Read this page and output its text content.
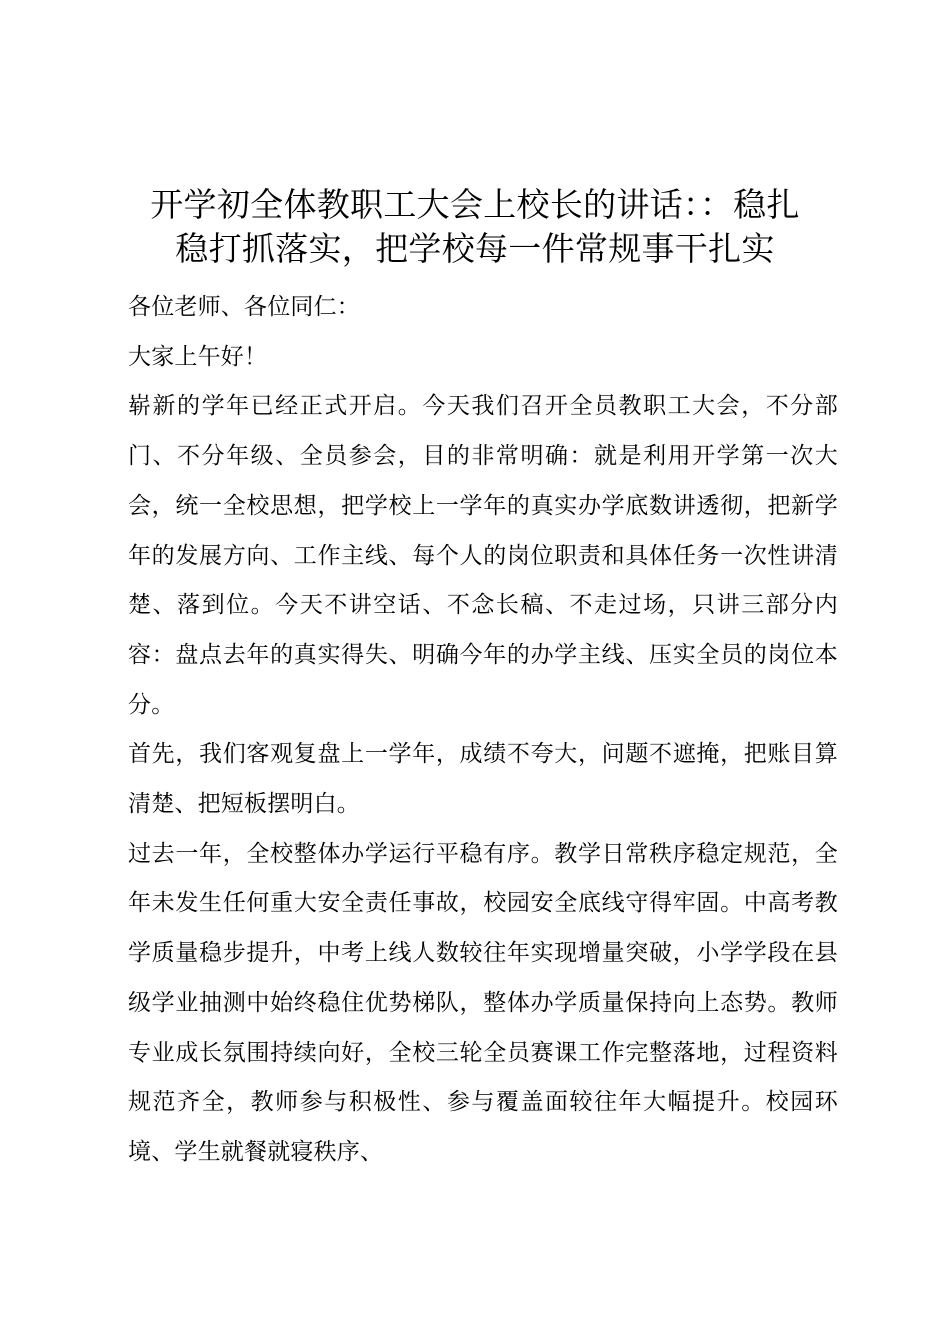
开学初全体教职工大会上校长的讲话：：稳扎
稳打抓落实，把学校每一件常规事干扎实

各位老师、各位同仁：

大家上午好！

崭新的学年已经正式开启。今天我们召开全员教职工大会，不分部门、不分年级、全员参会，目的非常明确：就是利用开学第一次大会，统一全校思想，把学校上一学年的真实办学底数讲透彻，把新学年的发展方向、工作主线、每个人的岗位职责和具体任务一次性讲清楚、落到位。今天不讲空话、不念长稿、不走过场，只讲三部分内容：盘点去年的真实得失、明确今年的办学主线、压实全员的岗位本分。

首先，我们客观复盘上一学年，成绩不夸大，问题不遮掩，把账目算清楚、把短板摆明白。

过去一年，全校整体办学运行平稳有序。教学日常秩序稳定规范，全年未发生任何重大安全责任事故，校园安全底线守得牢固。中高考教学质量稳步提升，中考上线人数较往年实现增量突破，小学学段在县级学业抽测中始终稳住优势梯队，整体办学质量保持向上态势。教师专业成长氛围持续向好，全校三轮全员赛课工作完整落地，过程资料规范齐全，教师参与积极性、参与覆盖面较往年大幅提升。校园环境、学生就餐就寝秩序、
